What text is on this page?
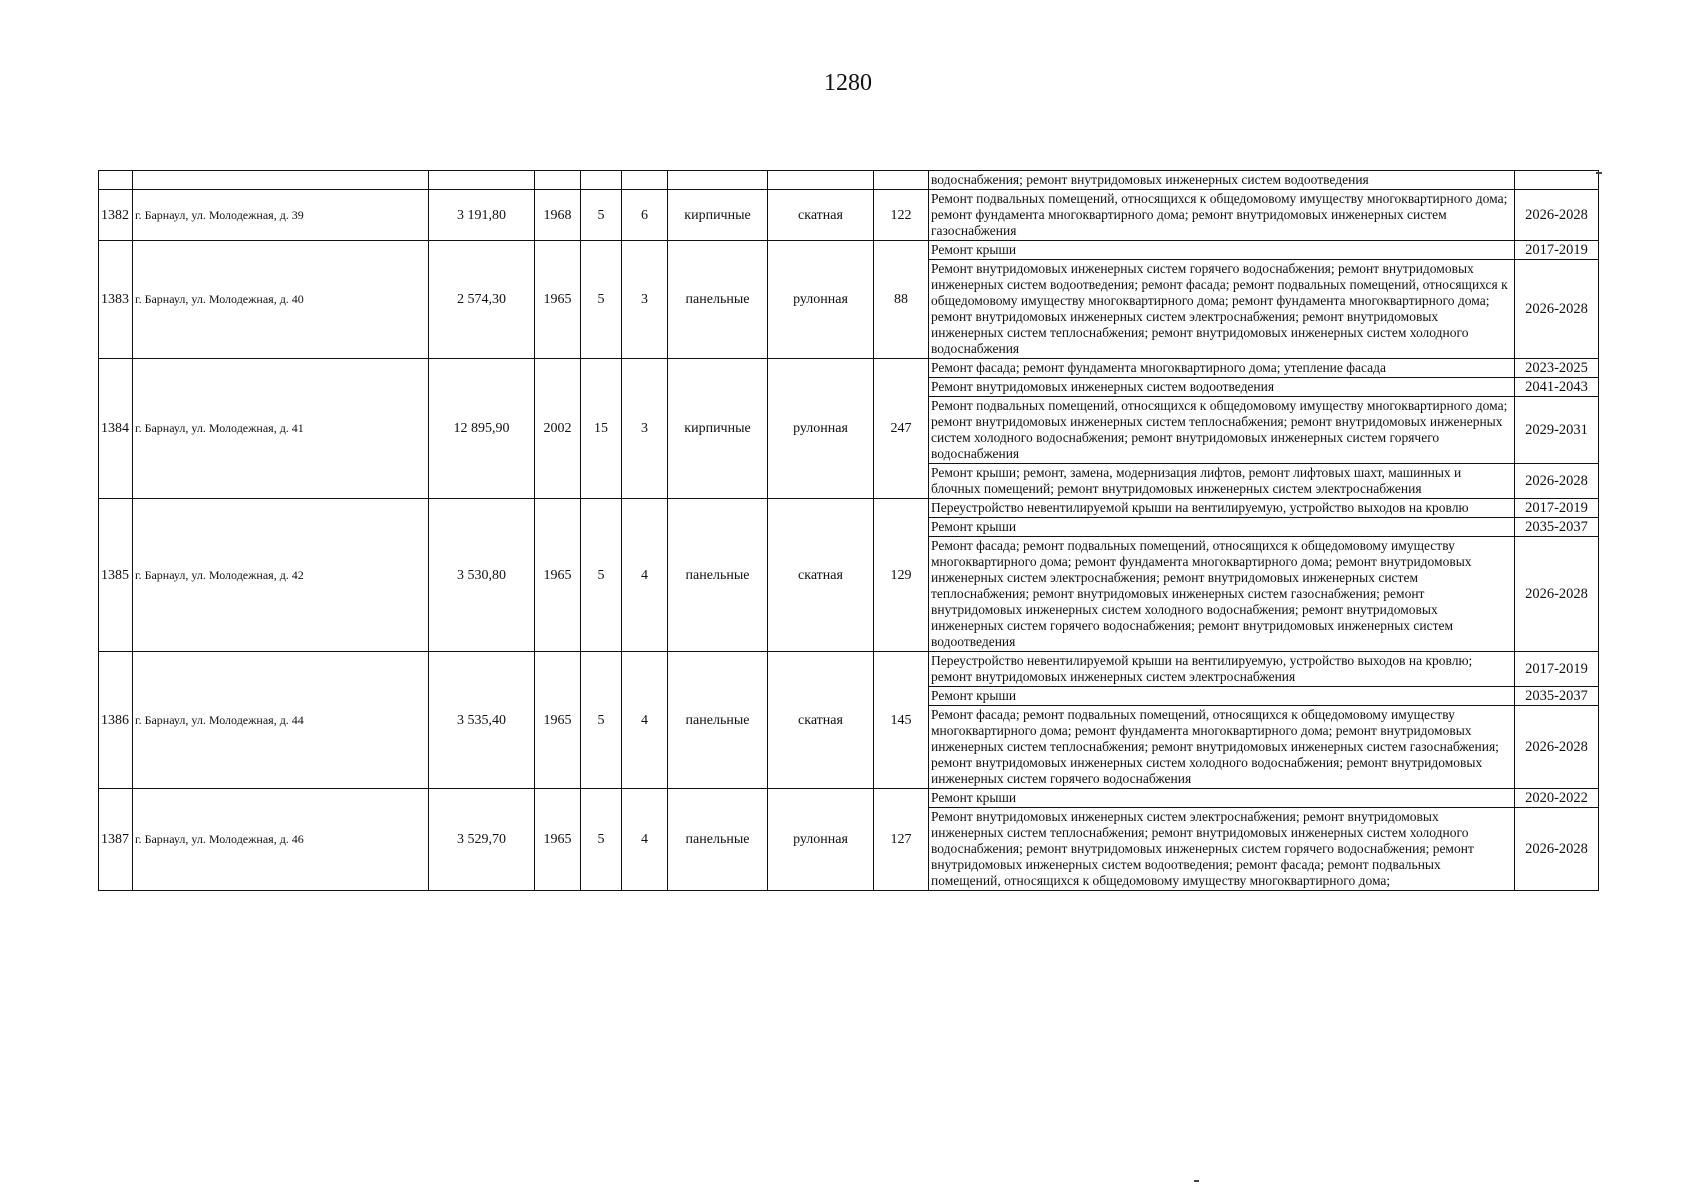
1280
									водоснабжения; ремонт внутридомовых инженерных систем водоотведения	
1382	г. Барнаул, ул. Молодежная, д. 39	3 191,80	1968	5	6	кирпичные	скатная	122	Ремонт подвальных помещений, относящихся к общедомовому имуществу многоквартирного дома; ремонт фундамента многоквартирного дома; ремонт внутридомовых инженерных систем газоснабжения	2026-2028
1383	г. Барнаул, ул. Молодежная, д. 40	2 574,30	1965	5	3	панельные	рулонная	88	Ремонт крыши	2017-2019
									Ремонт внутридомовых инженерных систем горячего водоснабжения; ремонт внутридомовых инженерных систем водоотведения; ремонт фасада; ремонт подвальных помещений, относящихся к общедомовому имуществу многоквартирного дома; ремонт фундамента многоквартирного дома; ремонт внутридомовых инженерных систем электроснабжения; ремонт внутридомовых инженерных систем теплоснабжения; ремонт внутридомовых инженерных систем холодного водоснабжения	2026-2028
1384	г. Барнаул, ул. Молодежная, д. 41	12 895,90	2002	15	3	кирпичные	рулонная	247	Ремонт фасада; ремонт фундамента многоквартирного дома; утепление фасада	2023-2025
									Ремонт внутридомовых инженерных систем водоотведения	2041-2043
									Ремонт подвальных помещений, относящихся к общедомовому имуществу многоквартирного дома; ремонт внутридомовых инженерных систем теплоснабжения; ремонт внутридомовых инженерных систем холодного водоснабжения; ремонт внутридомовых инженерных систем горячего водоснабжения	2029-2031
									Ремонт крыши; ремонт, замена, модернизация лифтов, ремонт лифтовых шахт, машинных и блочных помещений; ремонт внутридомовых инженерных систем электроснабжения	2026-2028
1385	г. Барнаул, ул. Молодежная, д. 42	3 530,80	1965	5	4	панельные	скатная	129	Переустройство невентилируемой крыши на вентилируемую, устройство выходов на кровлю	2017-2019
									Ремонт крыши	2035-2037
									Ремонт фасада; ремонт подвальных помещений, относящихся к общедомовому имуществу многоквартирного дома; ремонт фундамента многоквартирного дома; ремонт внутридомовых инженерных систем электроснабжения; ремонт внутридомовых инженерных систем теплоснабжения; ремонт внутридомовых инженерных систем газоснабжения; ремонт внутридомовых инженерных систем холодного водоснабжения; ремонт внутридомовых инженерных систем горячего водоснабжения; ремонт внутридомовых инженерных систем водоотведения	2026-2028
1386	г. Барнаул, ул. Молодежная, д. 44	3 535,40	1965	5	4	панельные	скатная	145	Переустройство невентилируемой крыши на вентилируемую, устройство выходов на кровлю; ремонт внутридомовых инженерных систем электроснабжения	2017-2019
									Ремонт крыши	2035-2037
									Ремонт фасада; ремонт подвальных помещений, относящихся к общедомовому имуществу многоквартирного дома; ремонт фундамента многоквартирного дома; ремонт внутридомовых инженерных систем теплоснабжения; ремонт внутридомовых инженерных систем газоснабжения; ремонт внутридомовых инженерных систем холодного водоснабжения; ремонт внутридомовых инженерных систем горячего водоснабжения	2026-2028
1387	г. Барнаул, ул. Молодежная, д. 46	3 529,70	1965	5	4	панельные	рулонная	127	Ремонт крыши	2020-2022
									Ремонт внутридомовых инженерных систем электроснабжения; ремонт внутридомовых инженерных систем теплоснабжения; ремонт внутридомовых инженерных систем холодного водоснабжения; ремонт внутридомовых инженерных систем горячего водоснабжения; ремонт внутридомовых инженерных систем водоотведения; ремонт фасада; ремонт подвальных помещений, относящихся к общедомовому имуществу многоквартирного дома;	2026-2028
